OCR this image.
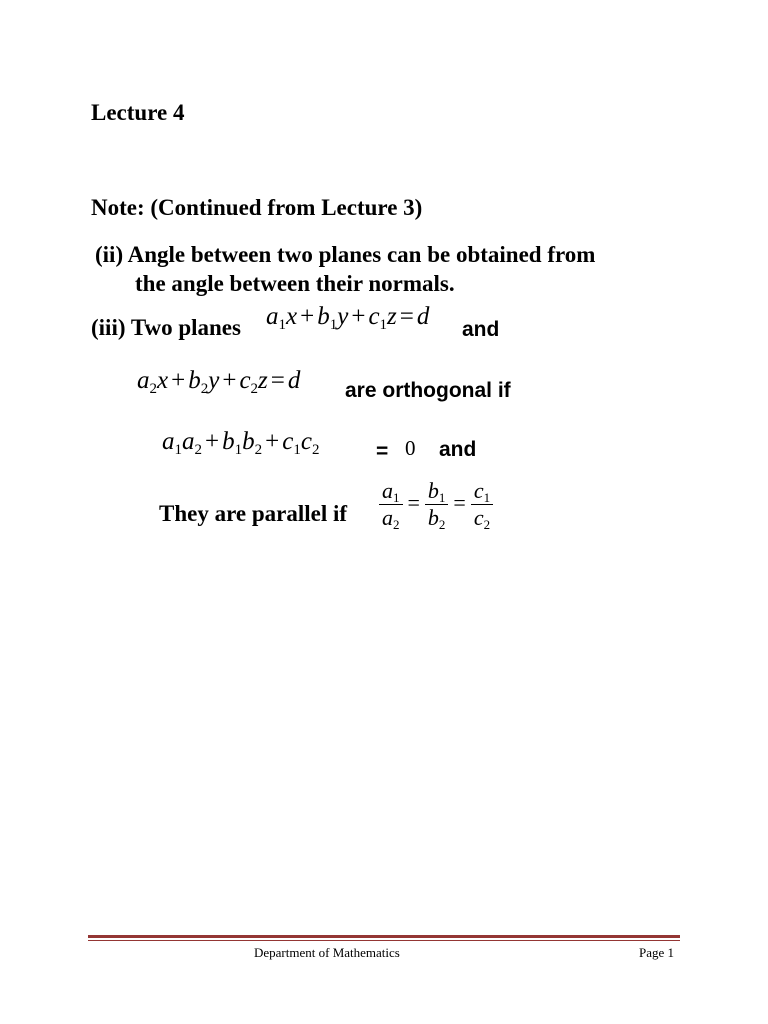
Lecture 4
Note: (Continued from Lecture 3)
(ii) Angle between two planes can be obtained from
the angle between their normals.
(iii) Two planes $a_1x + b_1y + c_1z = d$ and
$a_2x + b_2y + c_2z = d$ are orthogonal if
$a_1a_2 + b_1b_2 + c_1c_2$	= 0 and
They are parallel if $\frac{a_1}{a_2} = \frac{b_1}{b_2} = \frac{c_1}{c_2}$
Department of Mathematics	Page 1
